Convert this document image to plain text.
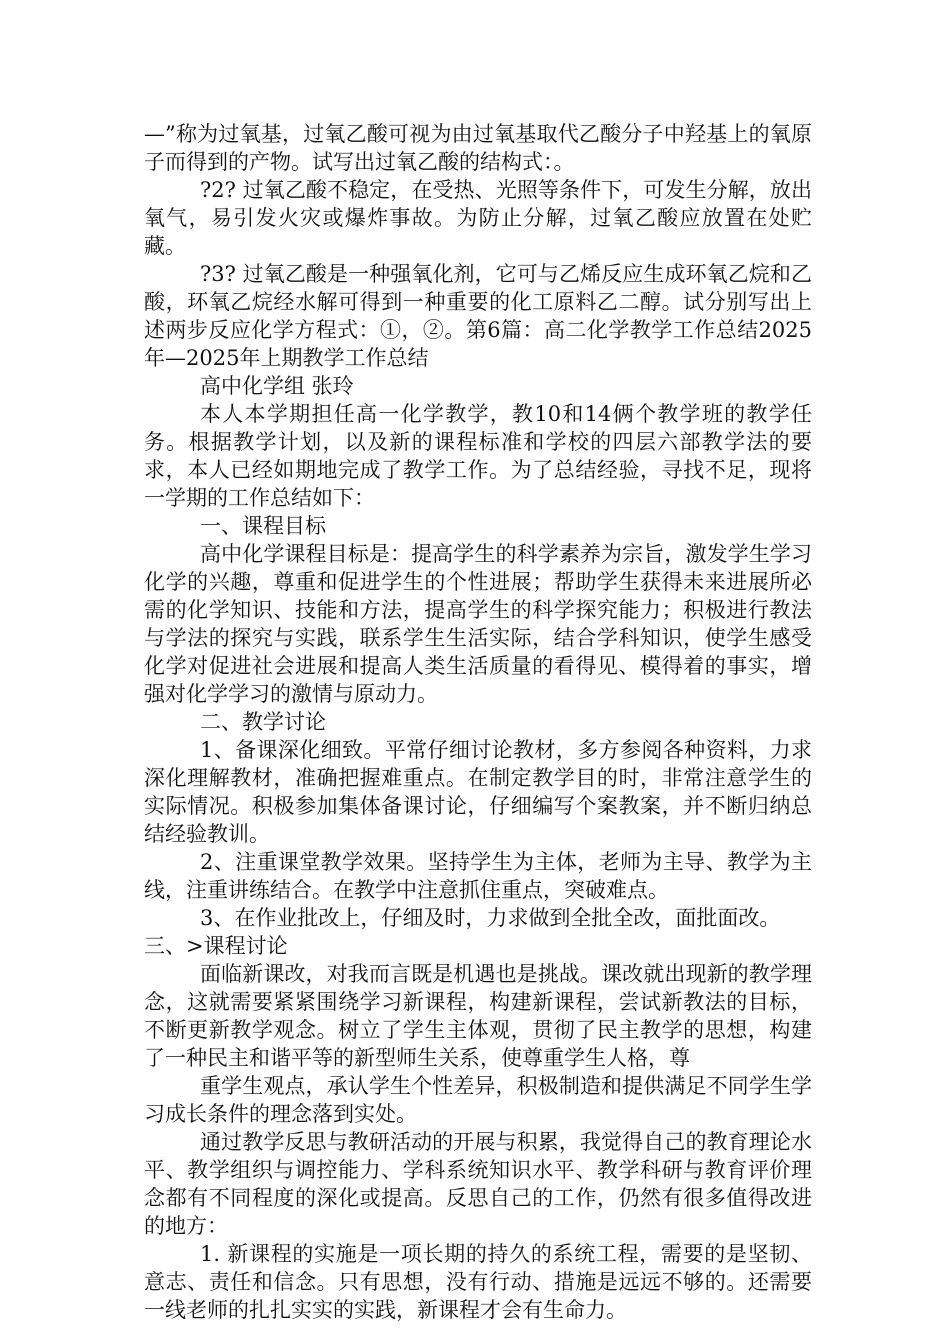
—”称为过氧基，过氧乙酸可视为由过氧基取代乙酸分子中羟基上的氧原子而得到的产物。试写出过氧乙酸的结构式：。

?2? 过氧乙酸不稳定，在受热、光照等条件下，可发生分解，放出氧气，易引发火灾或爆炸事故。为防止分解，过氧乙酸应放置在处贮藏。

?3? 过氧乙酸是一种强氧化剂，它可与乙烯反应生成环氧乙烷和乙酸，环氧乙烷经水解可得到一种重要的化工原料乙二醇。试分别写出上述两步反应化学方程式：①，②。第6篇：高二化学教学工作总结2025年—2025年上期教学工作总结

高中化学组 张玲

本人本学期担任高一化学教学，教10和14俩个教学班的教学任务。根据教学计划，以及新的课程标准和学校的四层六部教学法的要求，本人已经如期地完成了教学工作。为了总结经验，寻找不足，现将一学期的工作总结如下：

一、课程目标

高中化学课程目标是：提高学生的科学素养为宗旨，激发学生学习化学的兴趣，尊重和促进学生的个性进展；帮助学生获得未来进展所必需的化学知识、技能和方法，提高学生的科学探究能力；积极进行教法与学法的探究与实践，联系学生生活实际，结合学科知识，使学生感受化学对促进社会进展和提高人类生活质量的看得见、模得着的事实，增强对化学学习的激情与原动力。

二、教学讨论

1、备课深化细致。平常仔细讨论教材，多方参阅各种资料，力求深化理解教材，准确把握难重点。在制定教学目的时，非常注意学生的实际情况。积极参加集体备课讨论，仔细编写个案教案，并不断归纳总结经验教训。

2、注重课堂教学效果。坚持学生为主体，老师为主导、教学为主线，注重讲练结合。在教学中注意抓住重点，突破难点。

3、在作业批改上，仔细及时，力求做到全批全改，面批面改。

三、>课程讨论

面临新课改，对我而言既是机遇也是挑战。课改就出现新的教学理念，这就需要紧紧围绕学习新课程，构建新课程，尝试新教法的目标，不断更新教学观念。树立了学生主体观，贯彻了民主教学的思想，构建了一种民主和谐平等的新型师生关系，使尊重学生人格，尊

重学生观点，承认学生个性差异，积极制造和提供满足不同学生学习成长条件的理念落到实处。

通过教学反思与教研活动的开展与积累，我觉得自己的教育理论水平、教学组织与调控能力、学科系统知识水平、教学科研与教育评价理念都有不同程度的深化或提高。反思自己的工作，仍然有很多值得改进的地方：

1. 新课程的实施是一项长期的持久的系统工程，需要的是坚韧、意志、责任和信念。只有思想，没有行动、措施是远远不够的。还需要一线老师的扎扎实实的实践，新课程才会有生命力。
